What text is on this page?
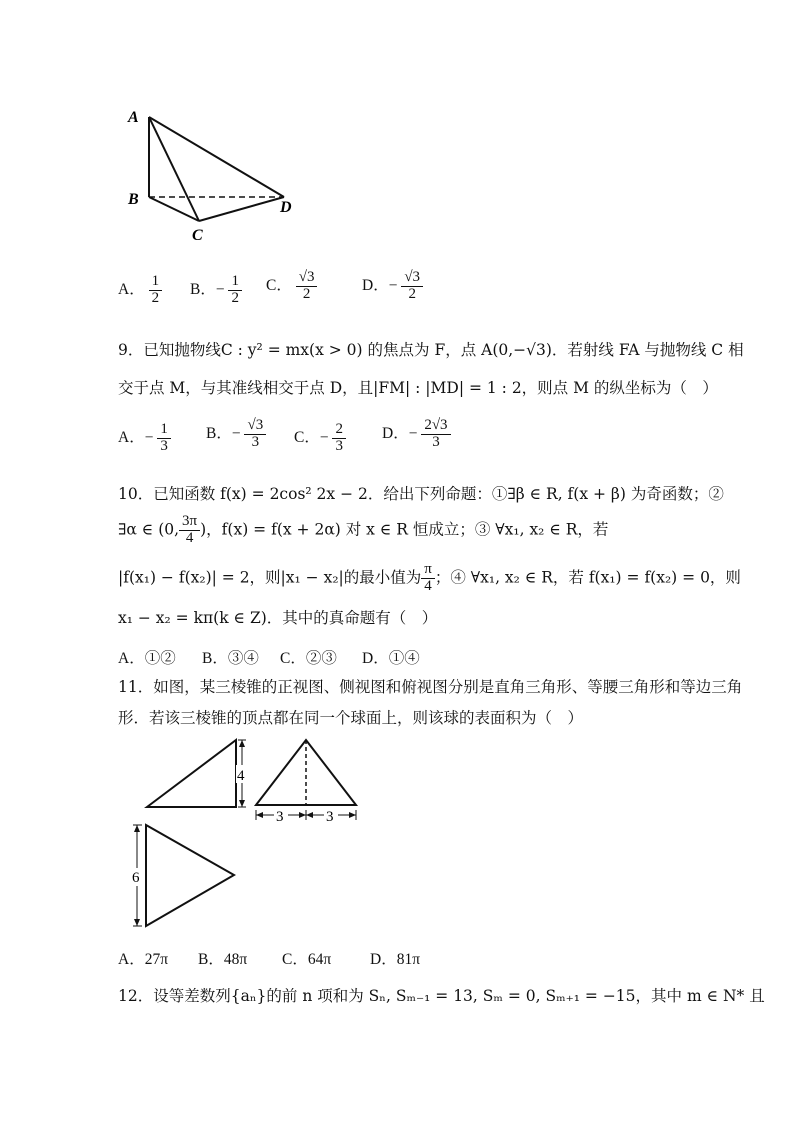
A
B
C
D
A． $\frac{1}{2}$ B．− $\frac{1}{2}$ C． $\frac{√3}{2}$	D．− $\frac{√3}{2}$
9．已知抛物线C : y² = mx(x > 0) 的焦点为 F，点 A(0,−√3)．若射线 FA 与抛物线 C 相
交于点 M，与其准线相交于点 D，且|FM| : |MD| = 1 : 2，则点 M 的纵坐标为（　）
A．− $\frac{1}{3}$ B．− $\frac{√3}{3}$ C．− $\frac{2}{3}$ D．− $\frac{2√3}{3}$
10．已知函数 f(x) = 2cos² 2x − 2．给出下列命题：①∃β ∈ R, f(x + β) 为奇函数；②
∃α ∈ (0, $\frac{3\pi}{4}$ )，f(x) = f(x + 2α) 对 x ∈ R 恒成立；③ ∀x₁, x₂ ∈ R，若
|f(x₁) − f(x₂)| = 2，则|x₁ − x₂|的最小值为 $\frac{\pi}{4}$ ；④ ∀x₁, x₂ ∈ R，若 f(x₁) = f(x₂) = 0，则
x₁ − x₂ = kπ(k ∈ Z)．其中的真命题有（　）
A．①② B．③④ C．②③ D．①④
11．如图，某三棱锥的正视图、侧视图和俯视图分别是直角三角形、等腰三角形和等边三角
形．若该三棱锥的顶点都在同一个球面上，则该球的表面积为（　）
4
3	3
6
A．27π B．48π C．64π	D．81π
12．设等差数列{aₙ}的前 n 项和为 Sₙ, Sₘ₋₁ = 13, Sₘ = 0, Sₘ₊₁ = −15，其中 m ∈ N* 且
